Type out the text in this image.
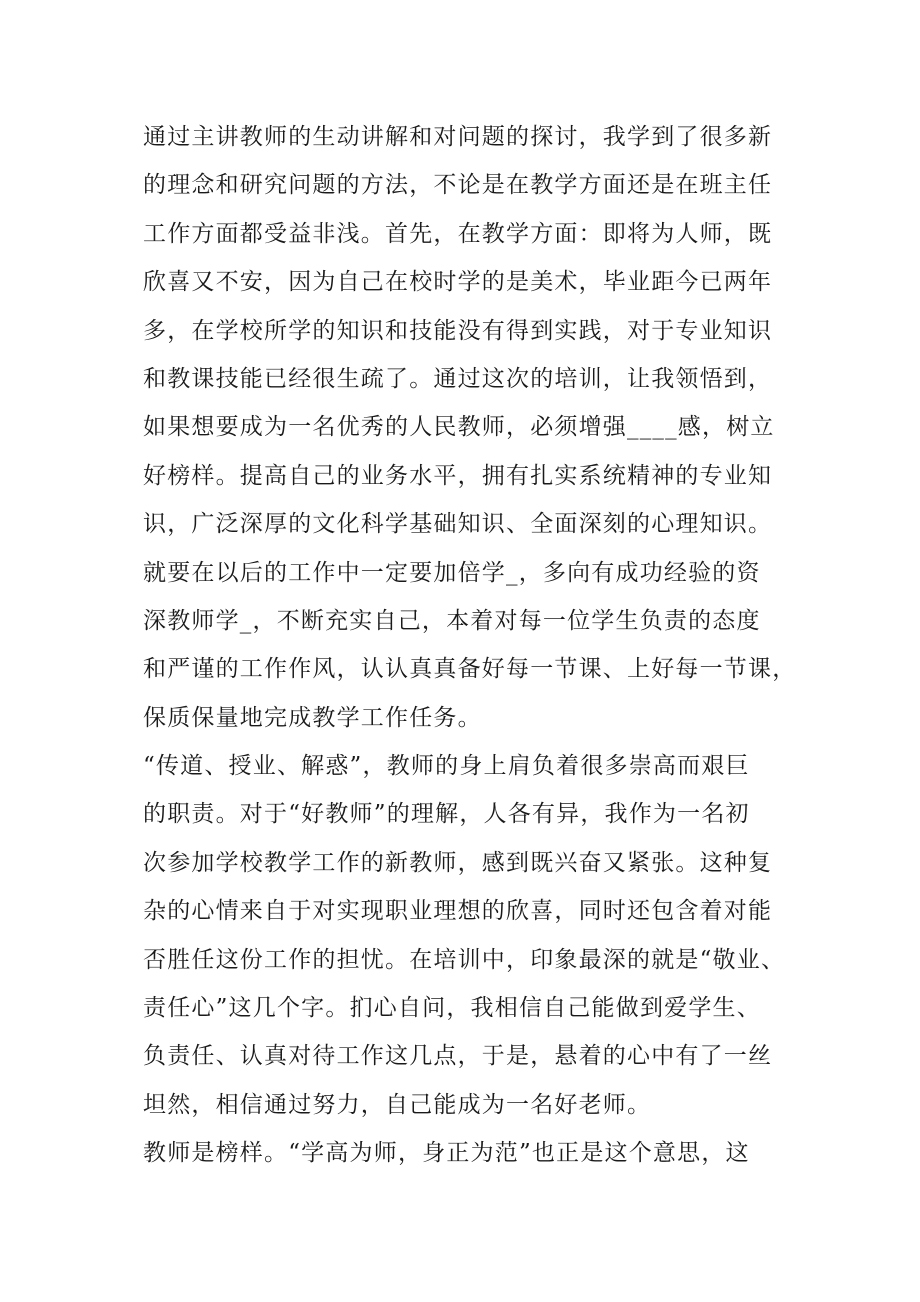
通过主讲教师的生动讲解和对问题的探讨，我学到了很多新
的理念和研究问题的方法，不论是在教学方面还是在班主任
工作方面都受益非浅。首先，在教学方面：即将为人师，既
欣喜又不安，因为自己在校时学的是美术，毕业距今已两年
多，在学校所学的知识和技能没有得到实践，对于专业知识
和教课技能已经很生疏了。通过这次的培训，让我领悟到，
如果想要成为一名优秀的人民教师，必须增强____感，树立
好榜样。提高自己的业务水平，拥有扎实系统精神的专业知
识，广泛深厚的文化科学基础知识、全面深刻的心理知识。
就要在以后的工作中一定要加倍学_，多向有成功经验的资
深教师学_，不断充实自己，本着对每一位学生负责的态度
和严谨的工作作风，认认真真备好每一节课、上好每一节课，
保质保量地完成教学工作任务。
“传道、授业、解惑”，教师的身上肩负着很多崇高而艰巨
的职责。对于“好教师”的理解，人各有异，我作为一名初
次参加学校教学工作的新教师，感到既兴奋又紧张。这种复
杂的心情来自于对实现职业理想的欣喜，同时还包含着对能
否胜任这份工作的担忧。在培训中，印象最深的就是“敬业、
责任心”这几个字。扪心自问，我相信自己能做到爱学生、
负责任、认真对待工作这几点，于是，悬着的心中有了一丝
坦然，相信通过努力，自己能成为一名好老师。
教师是榜样。“学高为师，身正为范”也正是这个意思，这
